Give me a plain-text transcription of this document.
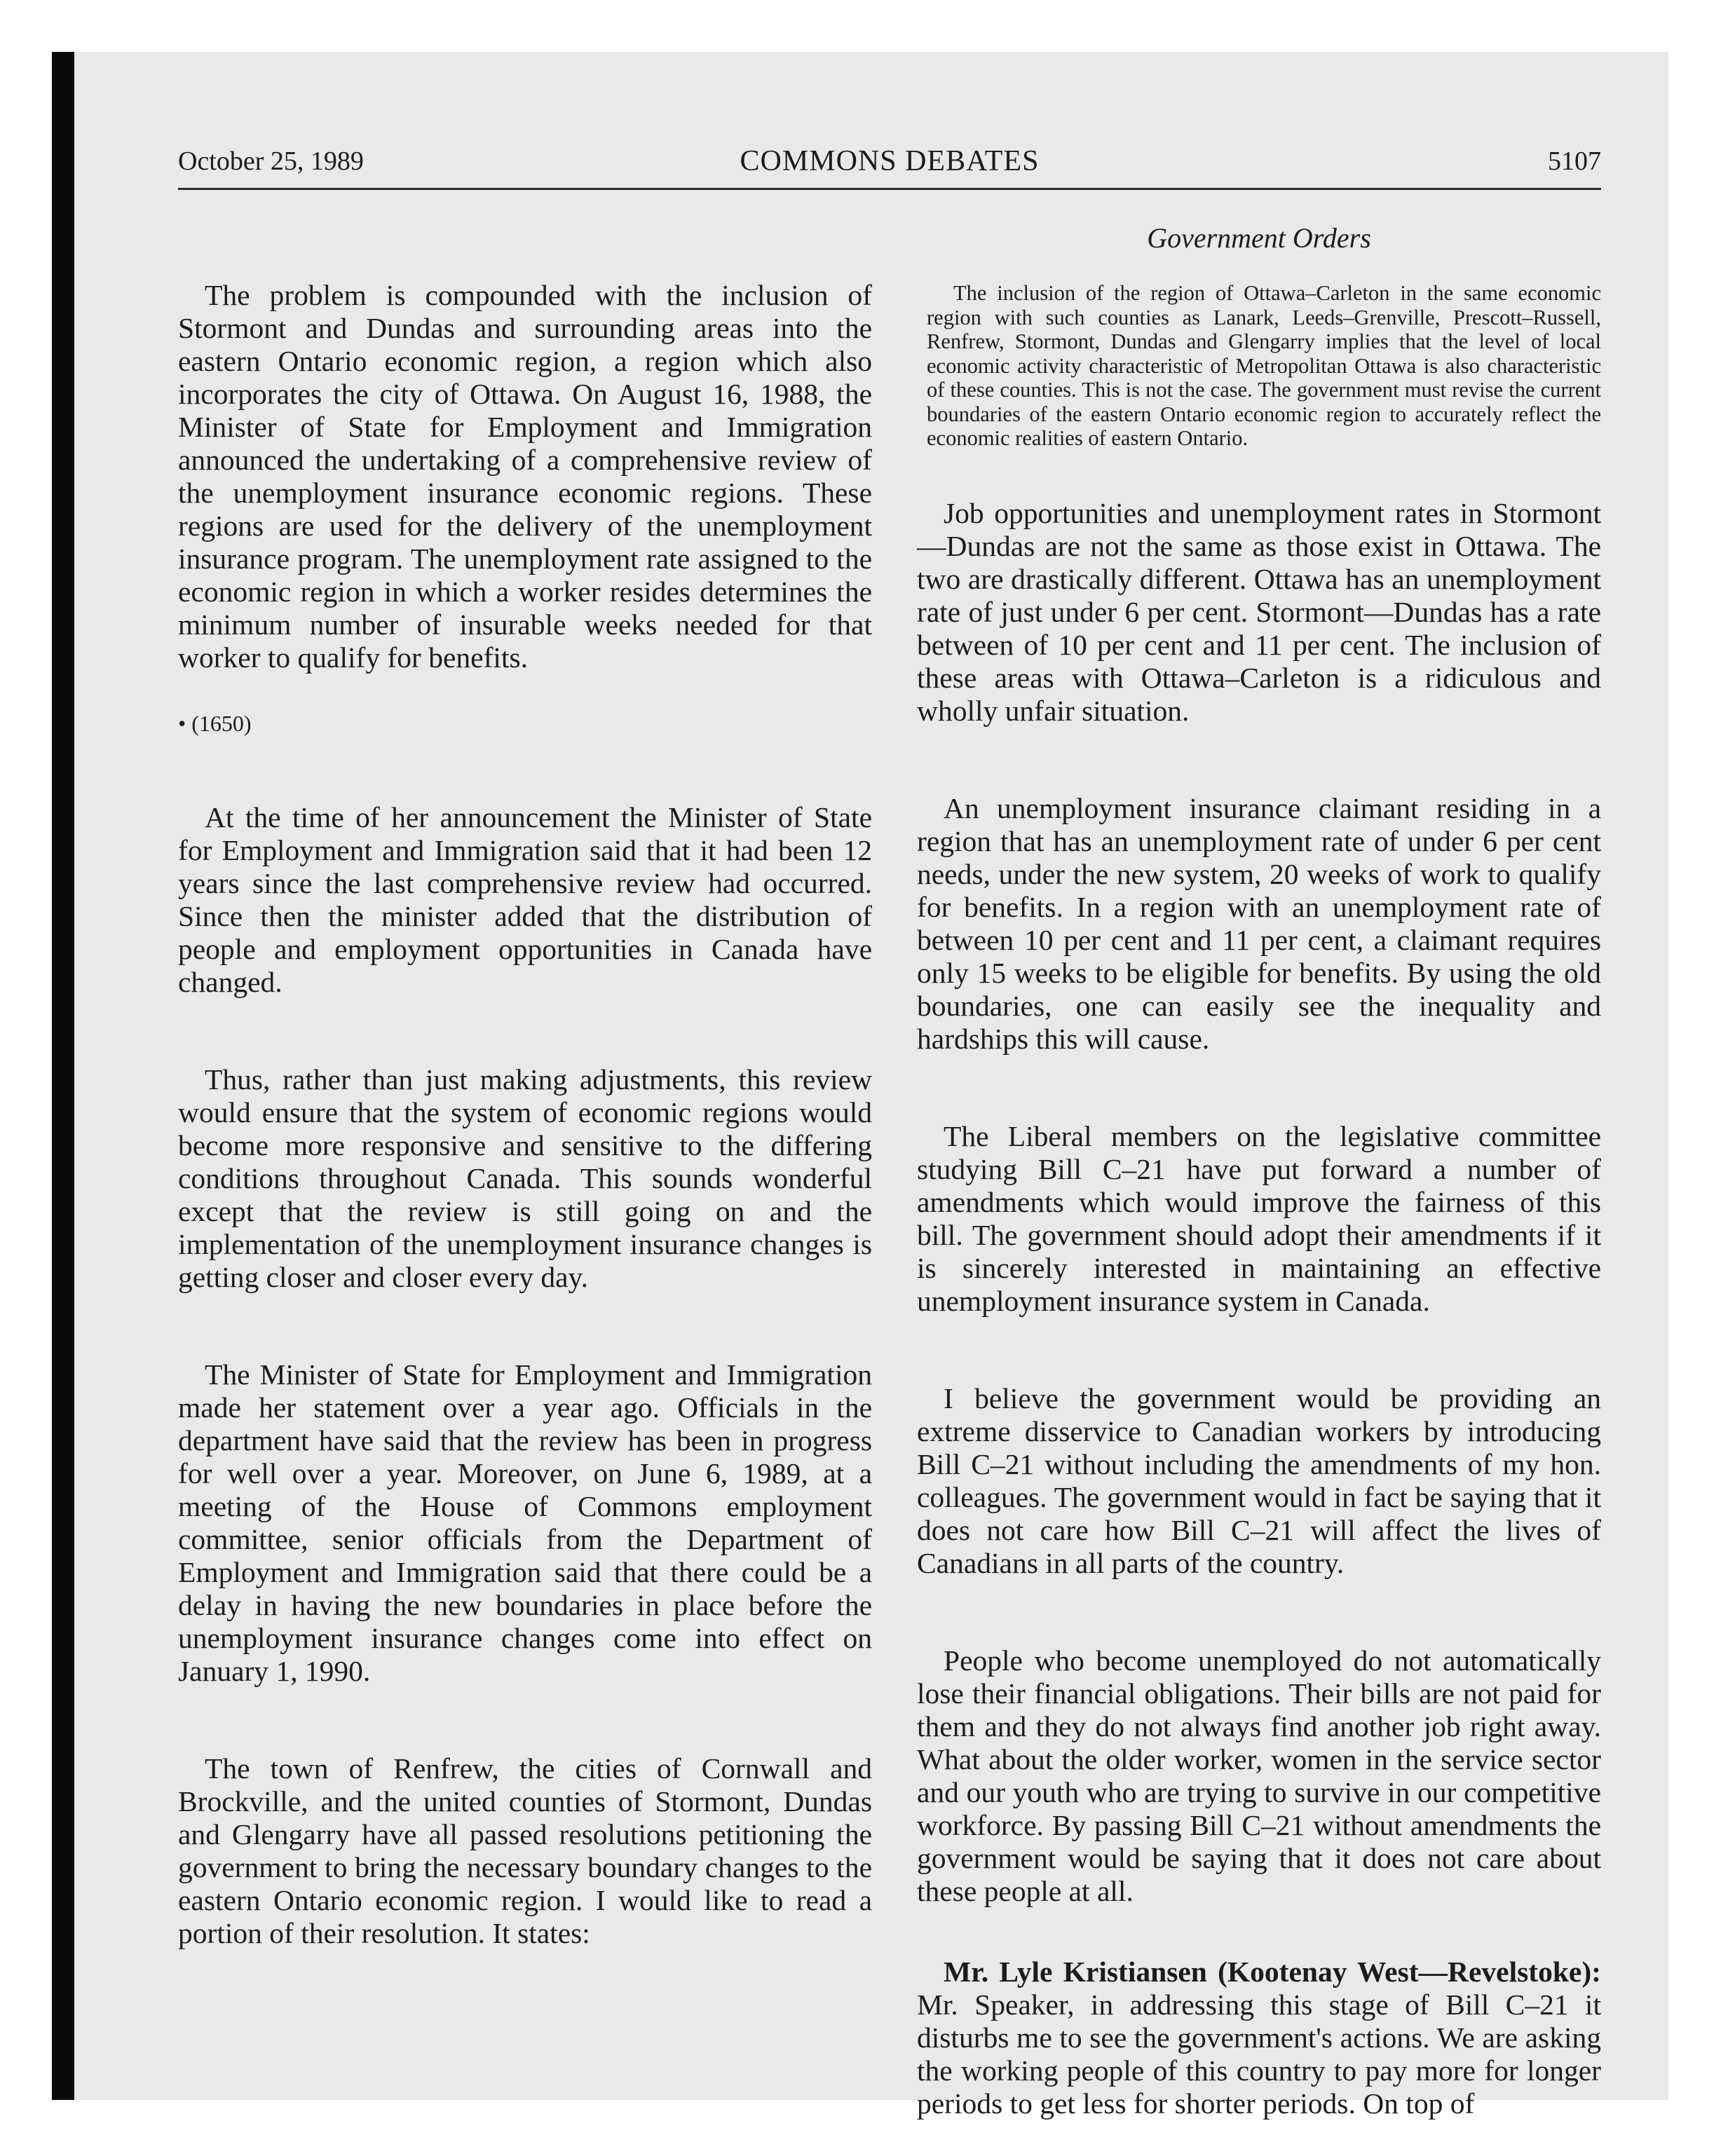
October 25, 1989	COMMONS DEBATES	5107

The problem is compounded with the inclusion of Stormont and Dundas and surrounding areas into the eastern Ontario economic region, a region which also incorporates the city of Ottawa. On August 16, 1988, the Minister of State for Employment and Immigration announced the undertaking of a comprehensive review of the unemployment insurance economic regions. These regions are used for the delivery of the unemployment insurance program. The unemployment rate assigned to the economic region in which a worker resides determines the minimum number of insurable weeks needed for that worker to qualify for benefits.

• (1650)

At the time of her announcement the Minister of State for Employment and Immigration said that it had been 12 years since the last comprehensive review had occurred. Since then the minister added that the distribution of people and employment opportunities in Canada have changed.

Thus, rather than just making adjustments, this review would ensure that the system of economic regions would become more responsive and sensitive to the differing conditions throughout Canada. This sounds wonderful except that the review is still going on and the implementation of the unemployment insurance changes is getting closer and closer every day.

The Minister of State for Employment and Immigration made her statement over a year ago. Officials in the department have said that the review has been in progress for well over a year. Moreover, on June 6, 1989, at a meeting of the House of Commons employment committee, senior officials from the Department of Employment and Immigration said that there could be a delay in having the new boundaries in place before the unemployment insurance changes come into effect on January 1, 1990.

The town of Renfrew, the cities of Cornwall and Brockville, and the united counties of Stormont, Dundas and Glengarry have all passed resolutions petitioning the government to bring the necessary boundary changes to the eastern Ontario economic region. I would like to read a portion of their resolution. It states:

Government Orders

The inclusion of the region of Ottawa–Carleton in the same economic region with such counties as Lanark, Leeds–Grenville, Prescott–Russell, Renfrew, Stormont, Dundas and Glengarry implies that the level of local economic activity characteristic of Metropolitan Ottawa is also characteristic of these counties. This is not the case. The government must revise the current boundaries of the eastern Ontario economic region to accurately reflect the economic realities of eastern Ontario.

Job opportunities and unemployment rates in Stormont—Dundas are not the same as those exist in Ottawa. The two are drastically different. Ottawa has an unemployment rate of just under 6 per cent. Stormont—Dundas has a rate between of 10 per cent and 11 per cent. The inclusion of these areas with Ottawa–Carleton is a ridiculous and wholly unfair situation.

An unemployment insurance claimant residing in a region that has an unemployment rate of under 6 per cent needs, under the new system, 20 weeks of work to qualify for benefits. In a region with an unemployment rate of between 10 per cent and 11 per cent, a claimant requires only 15 weeks to be eligible for benefits. By using the old boundaries, one can easily see the inequality and hardships this will cause.

The Liberal members on the legislative committee studying Bill C–21 have put forward a number of amendments which would improve the fairness of this bill. The government should adopt their amendments if it is sincerely interested in maintaining an effective unemployment insurance system in Canada.

I believe the government would be providing an extreme disservice to Canadian workers by introducing Bill C–21 without including the amendments of my hon. colleagues. The government would in fact be saying that it does not care how Bill C–21 will affect the lives of Canadians in all parts of the country.

People who become unemployed do not automatically lose their financial obligations. Their bills are not paid for them and they do not always find another job right away. What about the older worker, women in the service sector and our youth who are trying to survive in our competitive workforce. By passing Bill C–21 without amendments the government would be saying that it does not care about these people at all.

Mr. Lyle Kristiansen (Kootenay West—Revelstoke): Mr. Speaker, in addressing this stage of Bill C–21 it disturbs me to see the government's actions. We are asking the working people of this country to pay more for longer periods to get less for shorter periods. On top of
